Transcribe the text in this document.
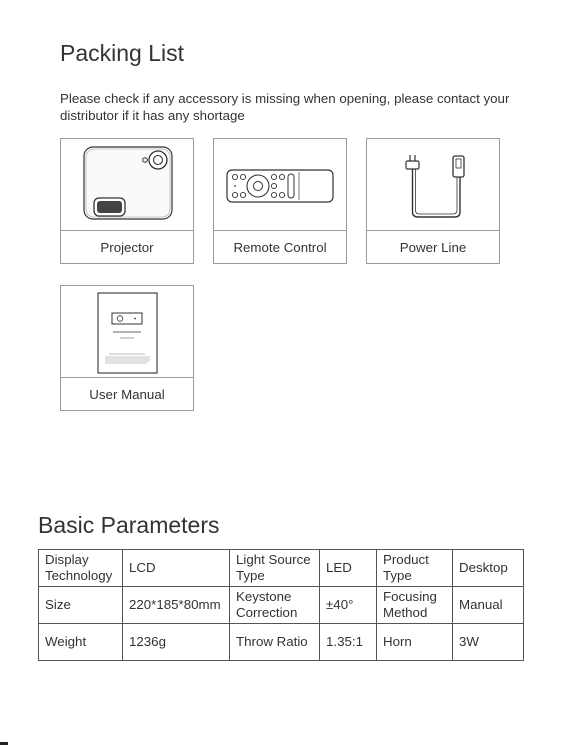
Packing List

Please check if any accessory is missing when opening, please contact your distributor if it has any shortage

Projector	Remote Control	Power Line
User Manual
Basic Parameters
Display Technology	LCD	Light Source Type	LED	Product Type	Desktop
Size	220*185*80mm	Keystone Correction	±40°	Focusing Method	Manual
Weight	1236g	Throw Ratio	1.35:1	Horn	3W
